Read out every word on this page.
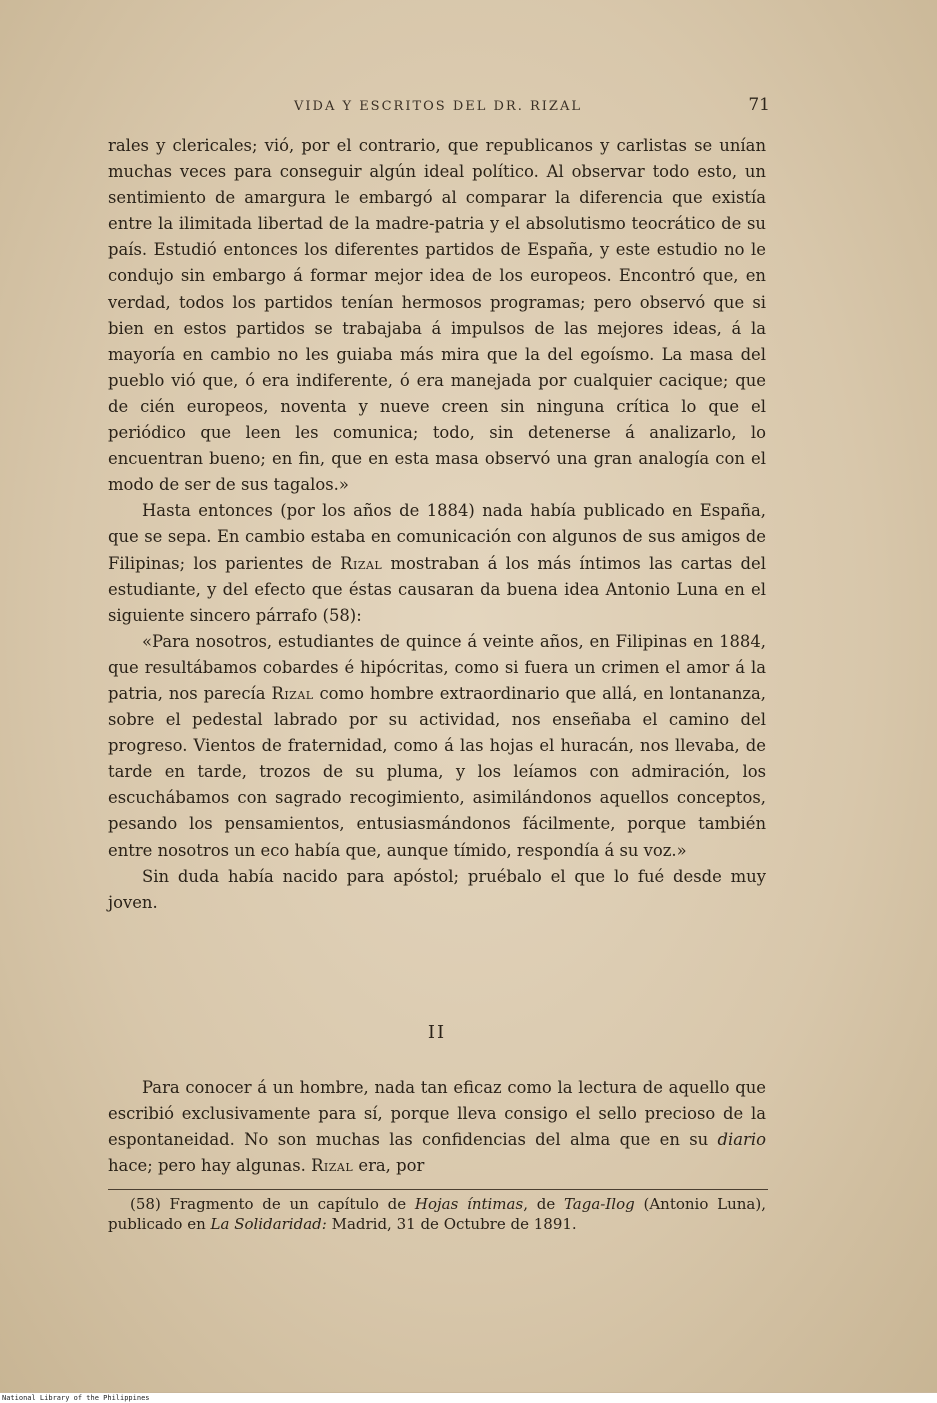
VIDA Y ESCRITOS DEL DR. RIZAL	71

rales y clericales; vió, por el contrario, que republicanos y carlistas se unían muchas veces para conseguir algún ideal político. Al observar todo esto, un sentimiento de amargura le embargó al comparar la diferencia que existía entre la ilimitada libertad de la madre-patria y el absolutismo teocrático de su país. Estudió entonces los diferentes partidos de España, y este estudio no le condujo sin embargo á formar mejor idea de los europeos. Encontró que, en verdad, todos los partidos tenían hermosos programas; pero observó que si bien en estos partidos se trabajaba á impulsos de las mejores ideas, á la mayoría en cambio no les guiaba más mira que la del egoísmo. La masa del pueblo vió que, ó era indiferente, ó era manejada por cualquier cacique; que de cién europeos, noventa y nueve creen sin ninguna crítica lo que el periódico que leen les comunica; todo, sin detenerse á analizarlo, lo encuentran bueno; en fin, que en esta masa observó una gran analogía con el modo de ser de sus tagalos.»

Hasta entonces (por los años de 1884) nada había publicado en España, que se sepa. En cambio estaba en comunicación con algunos de sus amigos de Filipinas; los parientes de Rizal mostraban á los más íntimos las cartas del estudiante, y del efecto que éstas causaran da buena idea Antonio Luna en el siguiente sincero párrafo (58):

«Para nosotros, estudiantes de quince á veinte años, en Filipinas en 1884, que resultábamos cobardes é hipócritas, como si fuera un crimen el amor á la patria, nos parecía Rizal como hombre extraordinario que allá, en lontananza, sobre el pedestal labrado por su actividad, nos enseñaba el camino del progreso. Vientos de fraternidad, como á las hojas el huracán, nos llevaba, de tarde en tarde, trozos de su pluma, y los leíamos con admiración, los escuchábamos con sagrado recogimiento, asimilándonos aquellos conceptos, pesando los pensamientos, entusiasmándonos fácilmente, porque también entre nosotros un eco había que, aunque tímido, respondía á su voz.»

Sin duda había nacido para apóstol; pruébalo el que lo fué desde muy joven.

II

Para conocer á un hombre, nada tan eficaz como la lectura de aquello que escribió exclusivamente para sí, porque lleva consigo el sello precioso de la espontaneidad. No son muchas las confidencias del alma que en su diario hace; pero hay algunas. Rizal era, por

(58) Fragmento de un capítulo de Hojas íntimas, de Taga-Ilog (Antonio Luna), publicado en La Solidaridad: Madrid, 31 de Octubre de 1891.

National Library of the Philippines
